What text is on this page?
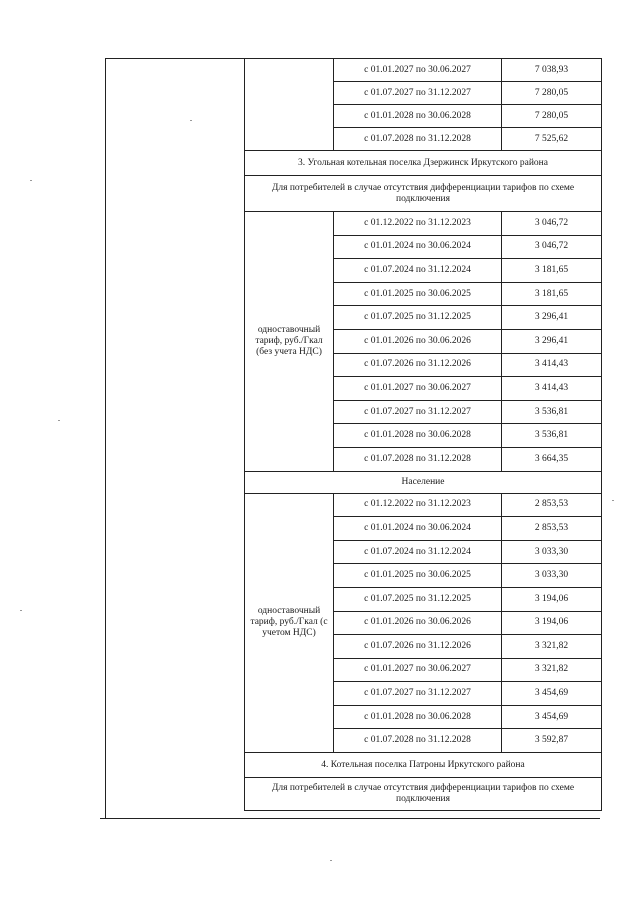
	с 01.01.2027 по 30.06.2027	7 038,93
	с 01.07.2027 по 31.12.2027	7 280,05
	с 01.01.2028 по 30.06.2028	7 280,05
	с 01.07.2028 по 31.12.2028	7 525,62
3. Угольная котельная поселка Дзержинск Иркутского района		
Для потребителей в случае отсутствия дифференциации тарифов по схеме подключения		
одноставочный тариф, руб./Гкал (без учета НДС)	с 01.12.2022 по 31.12.2023	3 046,72
	с 01.01.2024 по 30.06.2024	3 046,72
	с 01.07.2024 по 31.12.2024	3 181,65
	с 01.01.2025 по 30.06.2025	3 181,65
	с 01.07.2025 по 31.12.2025	3 296,41
	с 01.01.2026 по 30.06.2026	3 296,41
	с 01.07.2026 по 31.12.2026	3 414,43
	с 01.01.2027 по 30.06.2027	3 414,43
	с 01.07.2027 по 31.12.2027	3 536,81
	с 01.01.2028 по 30.06.2028	3 536,81
	с 01.07.2028 по 31.12.2028	3 664,35
Население		
одноставочный тариф, руб./Гкал (с учетом НДС)	с 01.12.2022 по 31.12.2023	2 853,53
	с 01.01.2024 по 30.06.2024	2 853,53
	с 01.07.2024 по 31.12.2024	3 033,30
	с 01.01.2025 по 30.06.2025	3 033,30
	с 01.07.2025 по 31.12.2025	3 194,06
	с 01.01.2026 по 30.06.2026	3 194,06
	с 01.07.2026 по 31.12.2026	3 321,82
	с 01.01.2027 по 30.06.2027	3 321,82
	с 01.07.2027 по 31.12.2027	3 454,69
	с 01.01.2028 по 30.06.2028	3 454,69
	с 01.07.2028 по 31.12.2028	3 592,87
4. Котельная поселка Патроны Иркутского района		
Для потребителей в случае отсутствия дифференциации тарифов по схеме подключения		
